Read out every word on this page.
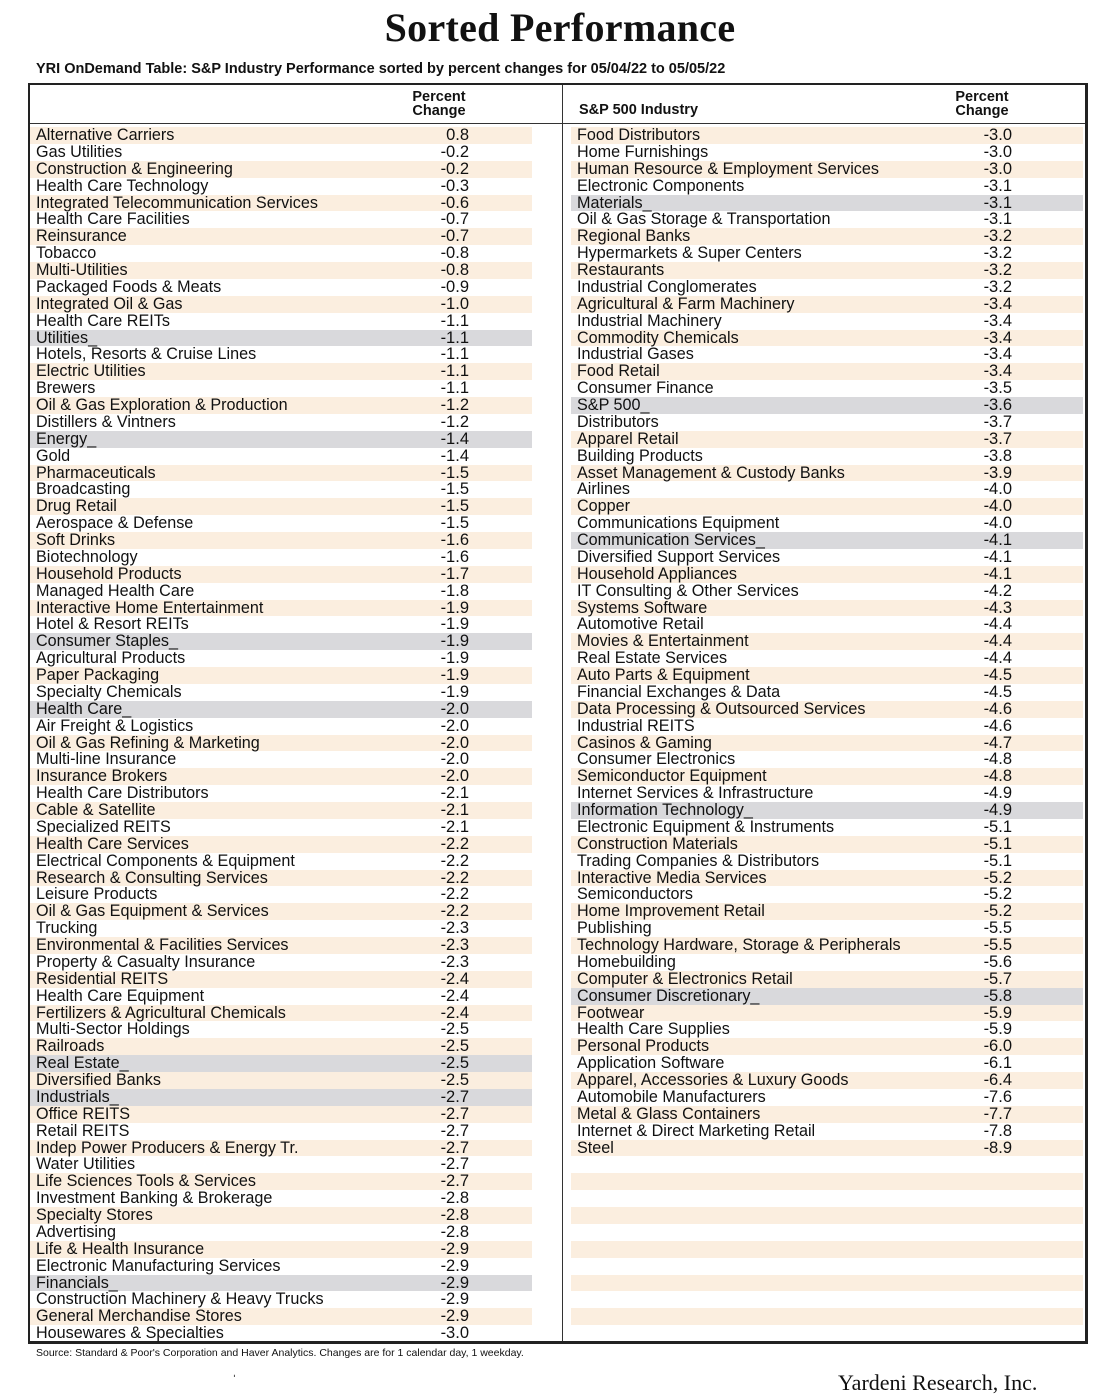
Sorted Performance
YRI OnDemand Table: S&P Industry Performance sorted by percent changes for 05/04/22 to 05/05/22
Percent
Change	S&P 500 Industry
Percent
Change
Alternative Carriers	0.8
Gas Utilities	-0.2
Construction & Engineering	-0.2
Health Care Technology	-0.3
Integrated Telecommunication Services	-0.6
Health Care Facilities	-0.7
Reinsurance	-0.7
Tobacco	-0.8
Multi-Utilities	-0.8
Packaged Foods & Meats	-0.9
Integrated Oil & Gas	-1.0
Health Care REITs	-1.1
Utilities_	-1.1
Hotels, Resorts & Cruise Lines	-1.1
Electric Utilities	-1.1
Brewers	-1.1
Oil & Gas Exploration & Production	-1.2
Distillers & Vintners	-1.2
Energy_	-1.4
Gold	-1.4
Pharmaceuticals	-1.5
Broadcasting	-1.5
Drug Retail	-1.5
Aerospace & Defense	-1.5
Soft Drinks	-1.6
Biotechnology	-1.6
Household Products	-1.7
Managed Health Care	-1.8
Interactive Home Entertainment	-1.9
Hotel & Resort REITs	-1.9
Consumer Staples_	-1.9
Agricultural Products	-1.9
Paper Packaging	-1.9
Specialty Chemicals	-1.9
Health Care_	-2.0
Air Freight & Logistics	-2.0
Oil & Gas Refining & Marketing	-2.0
Multi-line Insurance	-2.0
Insurance Brokers	-2.0
Health Care Distributors	-2.1
Cable & Satellite	-2.1
Specialized REITS	-2.1
Health Care Services	-2.2
Electrical Components & Equipment	-2.2
Research & Consulting Services	-2.2
Leisure Products	-2.2
Oil & Gas Equipment & Services	-2.2
Trucking	-2.3
Environmental & Facilities Services	-2.3
Property & Casualty Insurance	-2.3
Residential REITS	-2.4
Health Care Equipment	-2.4
Fertilizers & Agricultural Chemicals	-2.4
Multi-Sector Holdings	-2.5
Railroads	-2.5
Real Estate_	-2.5
Diversified Banks	-2.5
Industrials_	-2.7
Office REITS	-2.7
Retail REITS	-2.7
Indep Power Producers & Energy Tr.	-2.7
Water Utilities	-2.7
Life Sciences Tools & Services	-2.7
Investment Banking & Brokerage	-2.8
Specialty Stores	-2.8
Advertising	-2.8
Life & Health Insurance	-2.9
Electronic Manufacturing Services	-2.9
Financials_	-2.9
Construction Machinery & Heavy Trucks	-2.9
General Merchandise Stores	-2.9
Housewares & Specialties	-3.0
Food Distributors	-3.0
Home Furnishings	-3.0
Human Resource & Employment Services	-3.0
Electronic Components	-3.1
Materials_	-3.1
Oil & Gas Storage & Transportation	-3.1
Regional Banks	-3.2
Hypermarkets & Super Centers	-3.2
Restaurants	-3.2
Industrial Conglomerates	-3.2
Agricultural & Farm Machinery	-3.4
Industrial Machinery	-3.4
Commodity Chemicals	-3.4
Industrial Gases	-3.4
Food Retail	-3.4
Consumer Finance	-3.5
S&P 500_	-3.6
Distributors	-3.7
Apparel Retail	-3.7
Building Products	-3.8
Asset Management & Custody Banks	-3.9
Airlines	-4.0
Copper	-4.0
Communications Equipment	-4.0
Communication Services_	-4.1
Diversified Support Services	-4.1
Household Appliances	-4.1
IT Consulting & Other Services	-4.2
Systems Software	-4.3
Automotive Retail	-4.4
Movies & Entertainment	-4.4
Real Estate Services	-4.4
Auto Parts & Equipment	-4.5
Financial Exchanges & Data	-4.5
Data Processing & Outsourced Services	-4.6
Industrial REITS	-4.6
Casinos & Gaming	-4.7
Consumer Electronics	-4.8
Semiconductor Equipment	-4.8
Internet Services & Infrastructure	-4.9
Information Technology_	-4.9
Electronic Equipment & Instruments	-5.1
Construction Materials	-5.1
Trading Companies & Distributors	-5.1
Interactive Media Services	-5.2
Semiconductors	-5.2
Home Improvement Retail	-5.2
Publishing	-5.5
Technology Hardware, Storage & Peripherals	-5.5
Homebuilding	-5.6
Computer & Electronics Retail	-5.7
Consumer Discretionary_	-5.8
Footwear	-5.9
Health Care Supplies	-5.9
Personal Products	-6.0
Application Software	-6.1
Apparel, Accessories & Luxury Goods	-6.4
Automobile Manufacturers	-7.6
Metal & Glass Containers	-7.7
Internet & Direct Marketing Retail	-7.8
Steel	-8.9
Source: Standard & Poor's Corporation and Haver Analytics. Changes are for 1 calendar day, 1 weekday.
ˈ	Yardeni Research, Inc.
